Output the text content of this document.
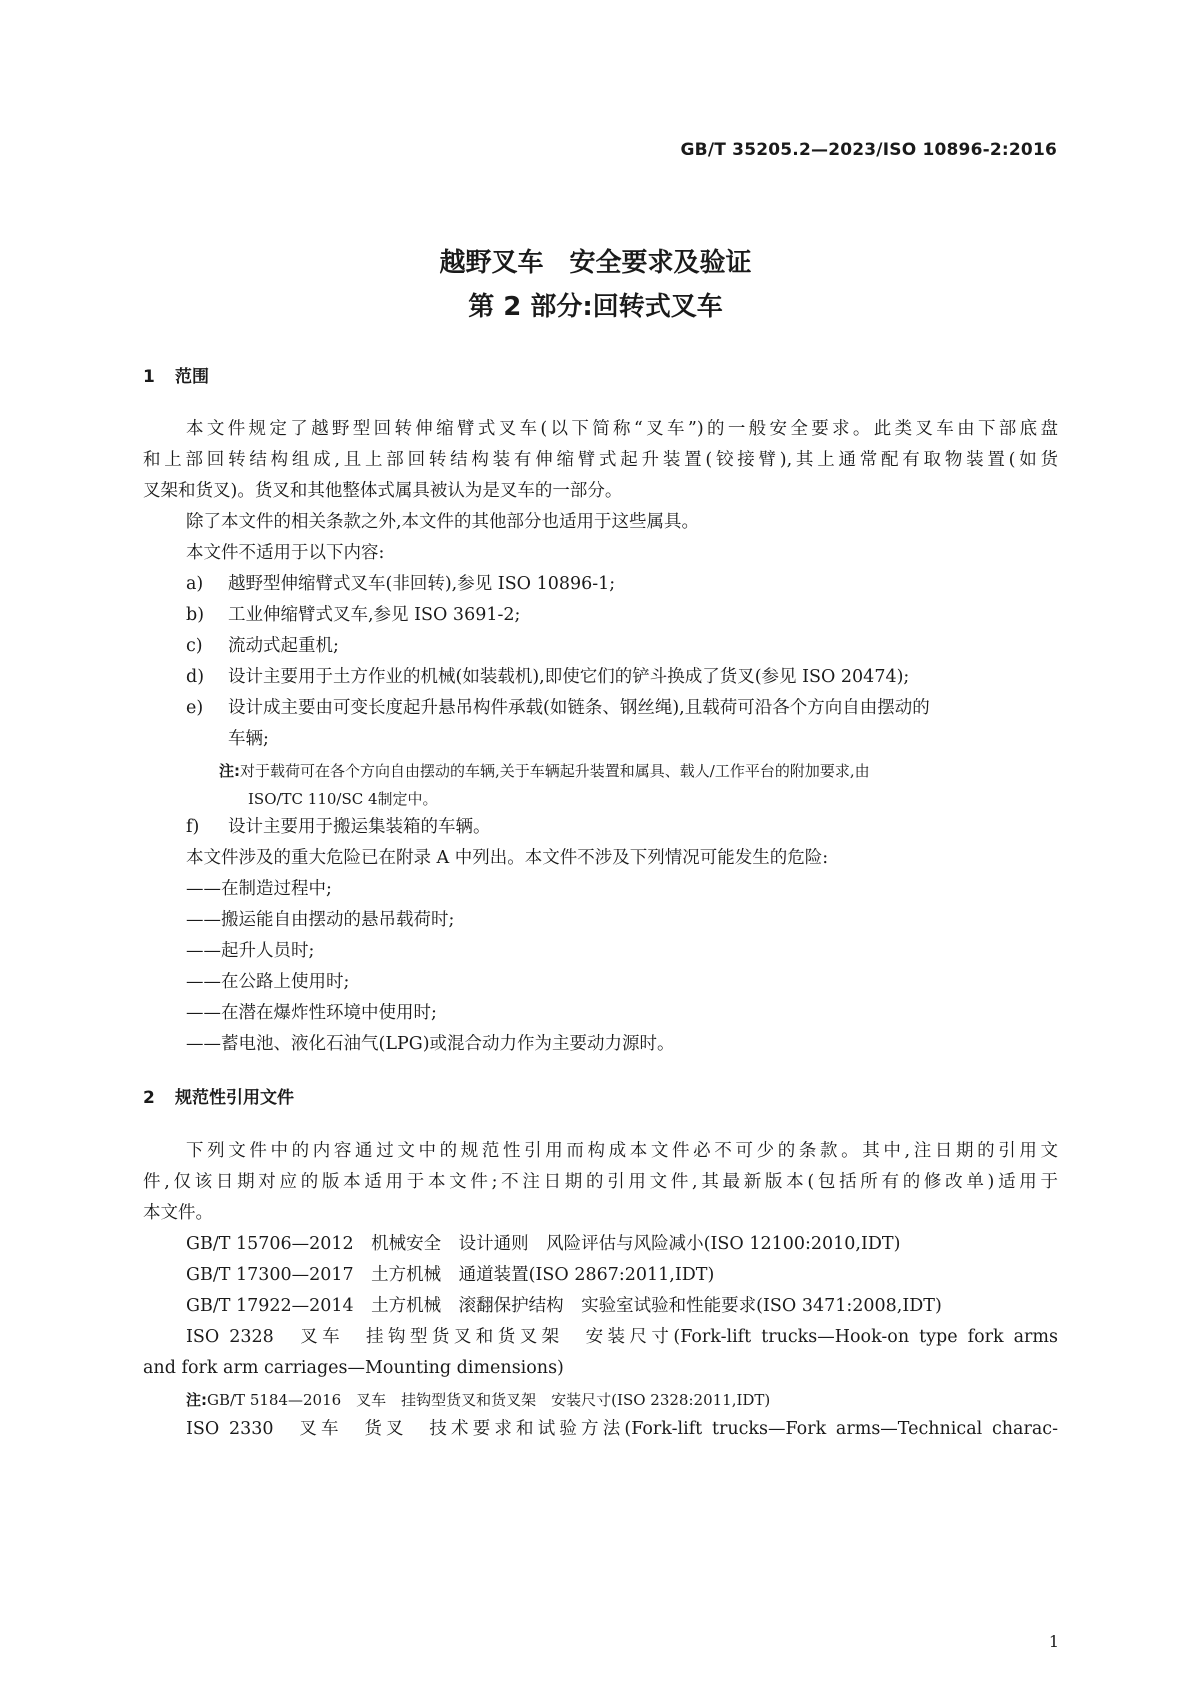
GB/T 35205.2—2023/ISO 10896-2:2016
越野叉车　安全要求及验证
第 2 部分:回转式叉车
1 范围
本文件规定了越野型回转伸缩臂式叉车(以下简称“叉车”)的一般安全要求。此类叉车由下部底盘
和上部回转结构组成,且上部回转结构装有伸缩臂式起升装置(铰接臂),其上通常配有取物装置(如货
叉架和货叉)。货叉和其他整体式属具被认为是叉车的一部分。
除了本文件的相关条款之外,本文件的其他部分也适用于这些属具。
本文件不适用于以下内容:
a) 越野型伸缩臂式叉车(非回转),参见 ISO 10896-1;
b) 工业伸缩臂式叉车,参见 ISO 3691-2;
c) 流动式起重机;
d) 设计主要用于土方作业的机械(如装载机),即使它们的铲斗换成了货叉(参见 ISO 20474);
e) 设计成主要由可变长度起升悬吊构件承载(如链条、钢丝绳),且载荷可沿各个方向自由摆动的
车辆;
注:对于载荷可在各个方向自由摆动的车辆,关于车辆起升装置和属具、载人/工作平台的附加要求,由
ISO/TC 110/SC 4制定中。
f) 设计主要用于搬运集装箱的车辆。
本文件涉及的重大危险已在附录 A 中列出。本文件不涉及下列情况可能发生的危险:
——在制造过程中;
——搬运能自由摆动的悬吊载荷时;
——起升人员时;
——在公路上使用时;
——在潜在爆炸性环境中使用时;
——蓄电池、液化石油气(LPG)或混合动力作为主要动力源时。
2 规范性引用文件
下列文件中的内容通过文中的规范性引用而构成本文件必不可少的条款。其中,注日期的引用文
件,仅该日期对应的版本适用于本文件;不注日期的引用文件,其最新版本(包括所有的修改单)适用于
本文件。
GB/T 15706—2012　机械安全　设计通则　风险评估与风险减小(ISO 12100:2010,IDT)
GB/T 17300—2017　土方机械　通道装置(ISO 2867:2011,IDT)
GB/T 17922—2014　土方机械　滚翻保护结构　实验室试验和性能要求(ISO 3471:2008,IDT)
ISO 2328　叉车　挂钩型货叉和货叉架　安装尺寸(Fork-lift trucks—Hook-on type fork arms
and fork arm carriages—Mounting dimensions)
注:GB/T 5184—2016　叉车　挂钩型货叉和货叉架　安装尺寸(ISO 2328:2011,IDT)
ISO 2330　叉车　货叉　技术要求和试验方法(Fork-lift trucks—Fork arms—Technical charac-
1
